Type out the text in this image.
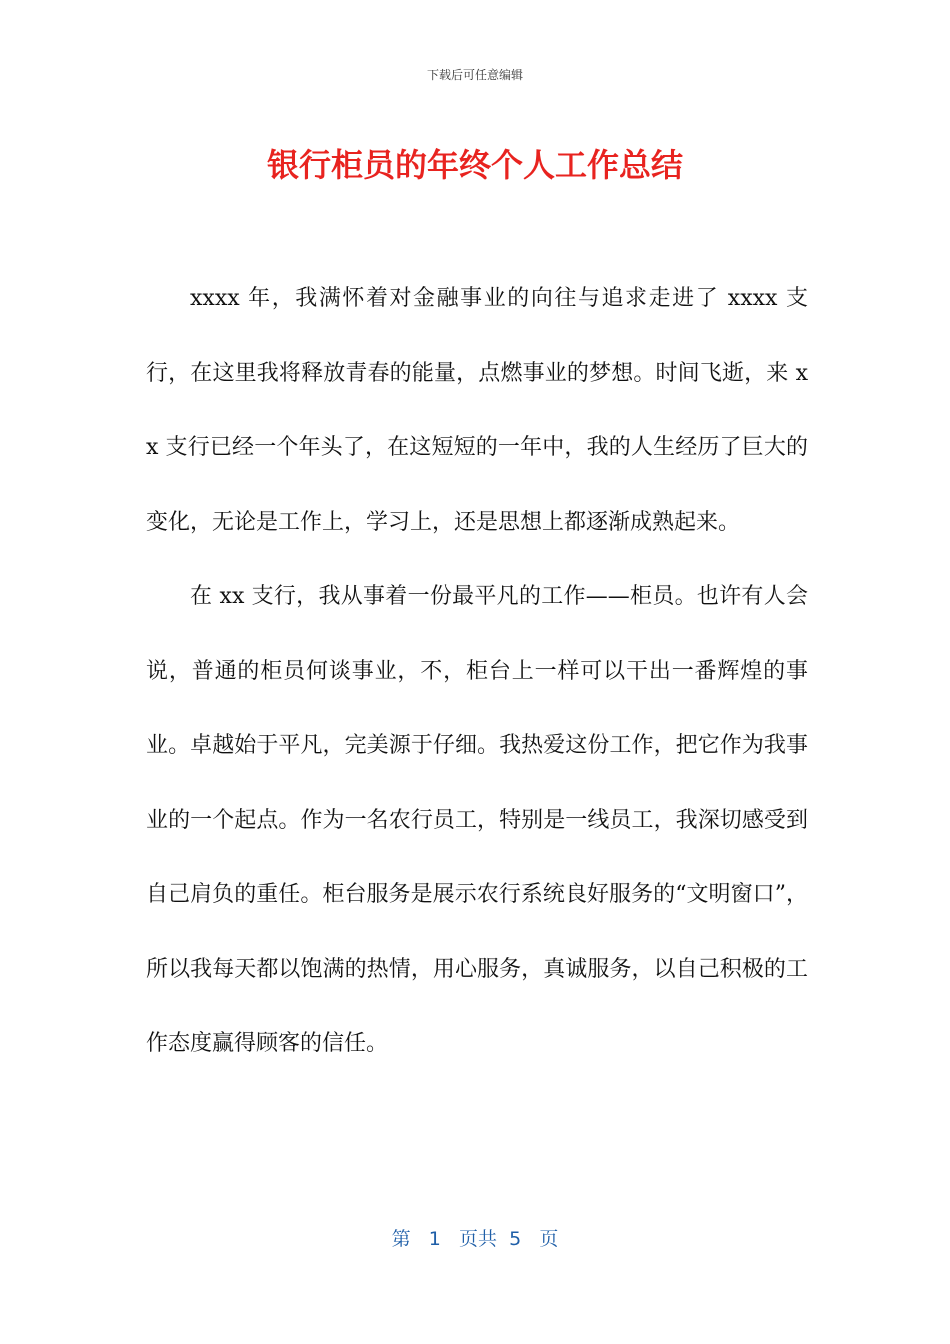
下载后可任意编辑
银行柜员的年终个人工作总结

xxxx 年，我满怀着对金融事业的向往与追求走进了 xxxx 支行，在这里我将释放青春的能量，点燃事业的梦想。时间飞逝，来 xx 支行已经一个年头了，在这短短的一年中，我的人生经历了巨大的变化，无论是工作上，学习上，还是思想上都逐渐成熟起来。

在 xx 支行，我从事着一份最平凡的工作——柜员。也许有人会说，普通的柜员何谈事业，不，柜台上一样可以干出一番辉煌的事业。卓越始于平凡，完美源于仔细。我热爱这份工作，把它作为我事业的一个起点。作为一名农行员工，特别是一线员工，我深切感受到自己肩负的重任。柜台服务是展示农行系统良好服务的“文明窗口”，所以我每天都以饱满的热情，用心服务，真诚服务，以自己积极的工作态度赢得顾客的信任。

第 1 页共 5 页
